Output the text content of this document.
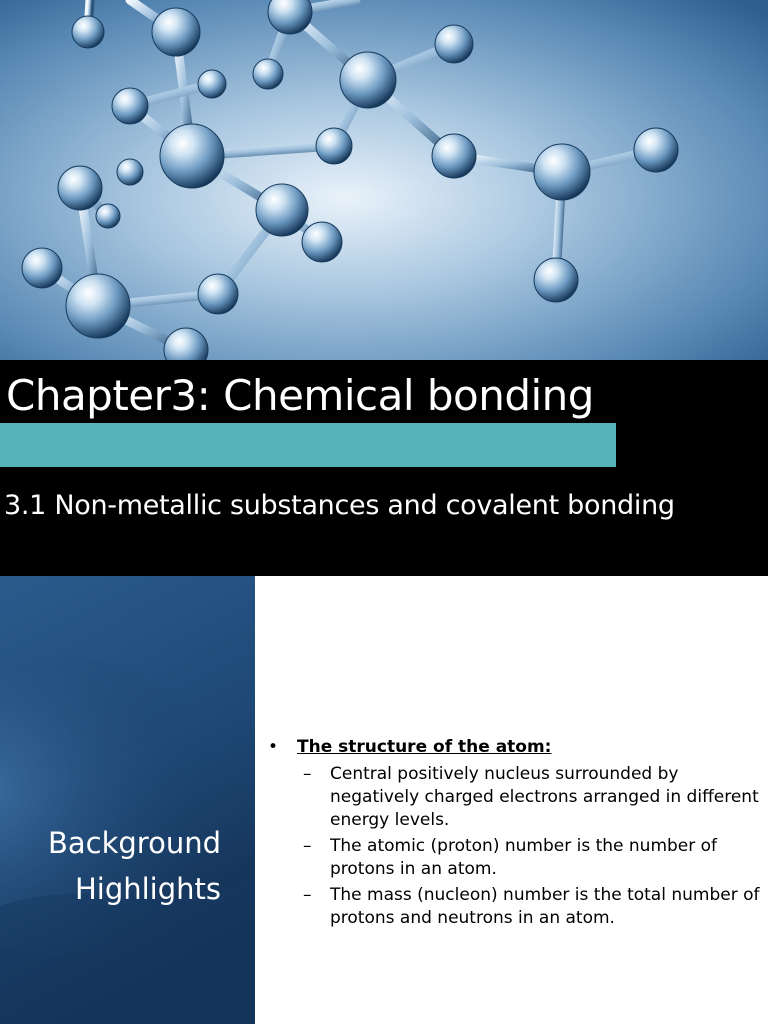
Chapter3: Chemical bonding
3.1 Non-metallic substances and covalent bonding
Background Highlights
• The structure of the atom:
– Central positively nucleus surrounded by negatively charged electrons arranged in different energy levels.
– The atomic (proton) number is the number of protons in an atom.
– The mass (nucleon) number is the total number of protons and neutrons in an atom.
